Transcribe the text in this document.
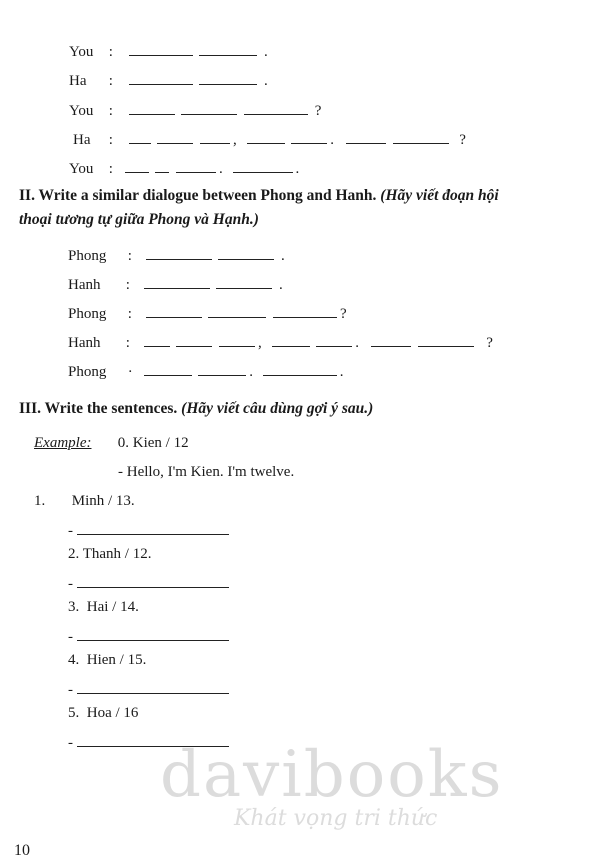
You :	.
Ha :	.
You :	?
Ha :	,	.	?
You :	.	.
II. Write a similar dialogue between Phong and Hanh. (Hãy viết đoạn hội
thoại tương tự giữa Phong và Hạnh.)
Phong :	.
Hanh :	.
Phong :	?
Hanh :	,	.	?
Phong ·	.	.
III. Write the sentences. (Hãy viết câu dùng gợi ý sau.)
Example: 0. Kien / 12
- Hello, I'm Kien. I'm twelve.
1. Minh / 13.
-
2. Thanh / 12.
-
3.  Hai / 14.
-
4.  Hien / 15.
-
5.  Hoa / 16
-	davibooks
Khát vọng tri thức
10
